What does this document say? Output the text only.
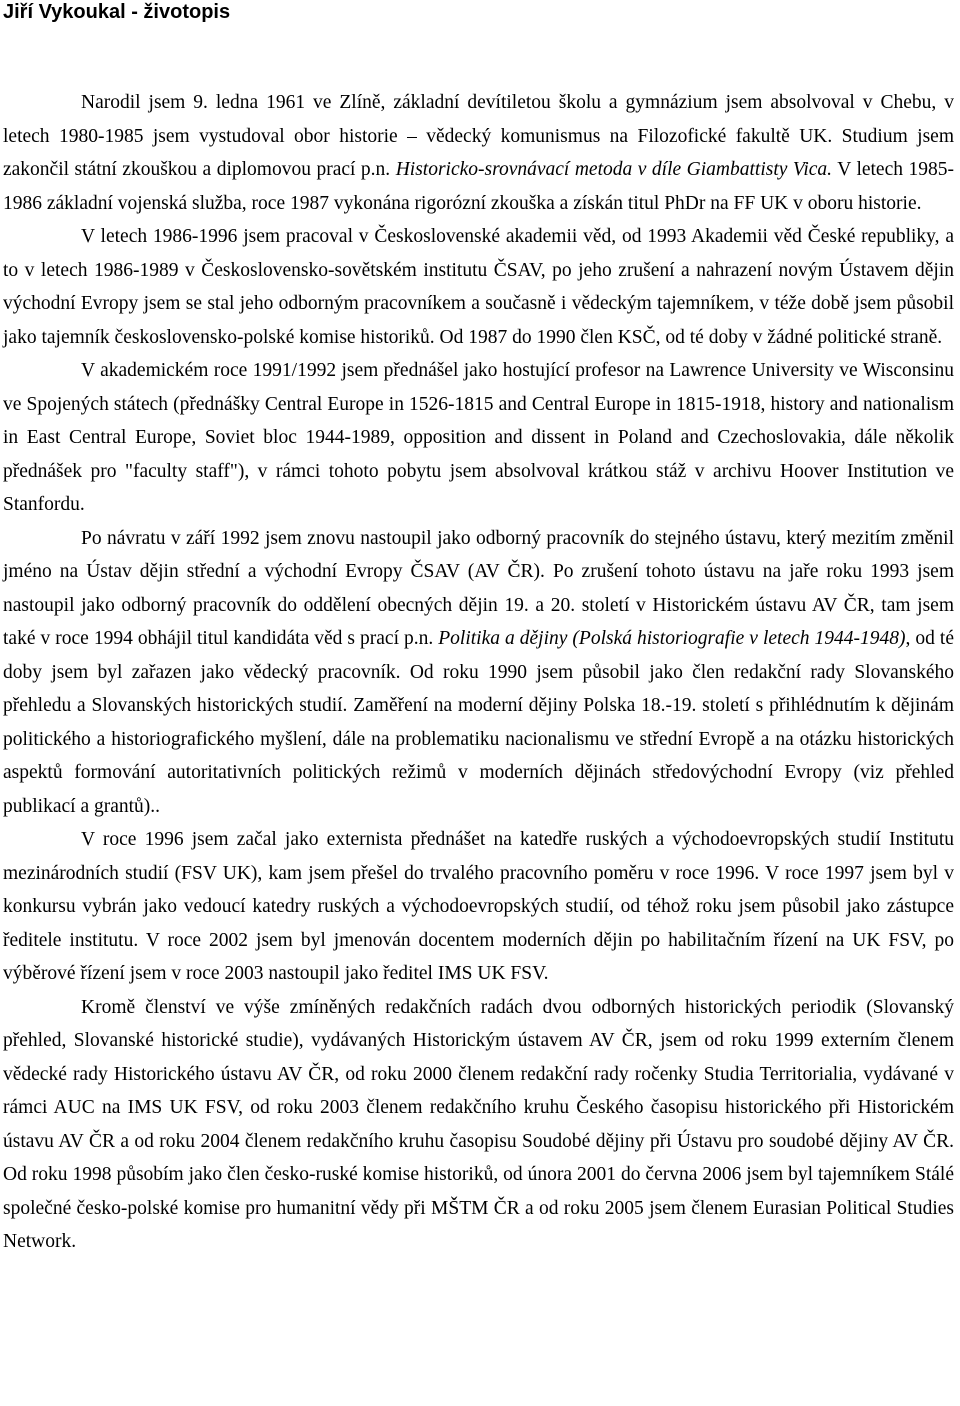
Jiří Vykoukal - životopis

Narodil jsem 9. ledna 1961 ve Zlíně, základní devítiletou školu a gymnázium jsem absolvoval v Chebu, v letech 1980-1985 jsem vystudoval obor historie – vědecký komunismus na Filozofické fakultě UK. Studium jsem zakončil státní zkouškou a diplomovou prací p.n. Historicko-srovnávací metoda v díle Giambattisty Vica. V letech 1985-1986 základní vojenská služba, roce 1987 vykonána rigorózní zkouška a získán titul PhDr na FF UK v oboru historie.

V letech 1986-1996 jsem pracoval v Československé akademii věd, od 1993 Akademii věd České republiky, a to v letech 1986-1989 v Československo-sovětském institutu ČSAV, po jeho zrušení a nahrazení novým Ústavem dějin východní Evropy jsem se stal jeho odborným pracovníkem a současně i vědeckým tajemníkem, v téže době jsem působil jako tajemník československo-polské komise historiků. Od 1987 do 1990 člen KSČ, od té doby v žádné politické straně.

V akademickém roce 1991/1992 jsem přednášel jako hostující profesor na Lawrence University ve Wisconsinu ve Spojených státech (přednášky Central Europe in 1526-1815 and Central Europe in 1815-1918, history and nationalism in East Central Europe, Soviet bloc 1944-1989, opposition and dissent in Poland and Czechoslovakia, dále několik přednášek pro "faculty staff"), v rámci tohoto pobytu jsem absolvoval krátkou stáž v archivu Hoover Institution ve Stanfordu.

Po návratu v září 1992 jsem znovu nastoupil jako odborný pracovník do stejného ústavu, který mezitím změnil jméno na Ústav dějin střední a východní Evropy ČSAV (AV ČR). Po zrušení tohoto ústavu na jaře roku 1993 jsem nastoupil jako odborný pracovník do oddělení obecných dějin 19. a 20. století v Historickém ústavu AV ČR, tam jsem také v roce 1994 obhájil titul kandidáta věd s prací p.n. Politika a dějiny (Polská historiografie v letech 1944-1948), od té doby jsem byl zařazen jako vědecký pracovník. Od roku 1990 jsem působil jako člen redakční rady Slovanského přehledu a Slovanských historických studií. Zaměření na moderní dějiny Polska 18.-19. století s přihlédnutím k dějinám politického a historiografického myšlení, dále na problematiku nacionalismu ve střední Evropě a na otázku historických aspektů formování autoritativních politických režimů v moderních dějinách středovýchodní Evropy (viz přehled publikací a grantů)..

V roce 1996 jsem začal jako externista přednášet na katedře ruských a východoevropských studií Institutu mezinárodních studií (FSV UK), kam jsem přešel do trvalého pracovního poměru v roce 1996. V roce 1997 jsem byl v konkursu vybrán jako vedoucí katedry ruských a východoevropských studií, od téhož roku jsem působil jako zástupce ředitele institutu. V roce 2002 jsem byl jmenován docentem moderních dějin po habilitačním řízení na UK FSV, po výběrové řízení jsem v roce 2003 nastoupil jako ředitel IMS UK FSV.

Kromě členství ve výše zmíněných redakčních radách dvou odborných historických periodik (Slovanský přehled, Slovanské historické studie), vydávaných Historickým ústavem AV ČR, jsem od roku 1999 externím členem vědecké rady Historického ústavu AV ČR, od roku 2000 členem redakční rady ročenky Studia Territorialia, vydávané v rámci AUC na IMS UK FSV, od roku 2003 členem redakčního kruhu Českého časopisu historického při Historickém ústavu AV ČR a od roku 2004 členem redakčního kruhu časopisu Soudobé dějiny při Ústavu pro soudobé dějiny AV ČR. Od roku 1998 působím jako člen česko-ruské komise historiků, od února 2001 do června 2006 jsem byl tajemníkem Stálé společné česko-polské komise pro humanitní vědy při MŠTM ČR a od roku 2005 jsem členem Eurasian Political Studies Network.
